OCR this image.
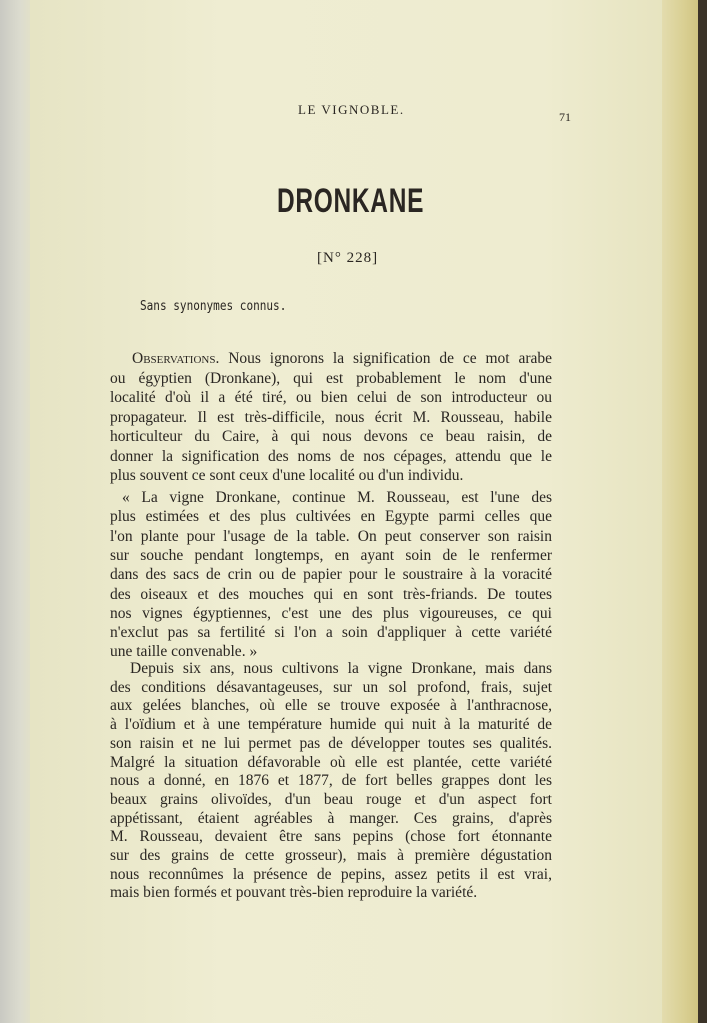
LE VIGNOBLE.	71
DRONKANE
[N° 228]
Sans synonymes connus.
Observations. Nous ignorons la signification de ce mot arabe
ou égyptien (Dronkane), qui est probablement le nom d'une
localité d'où il a été tiré, ou bien celui de son introducteur ou
propagateur. Il est très-difficile, nous écrit M. Rousseau, habile
horticulteur du Caire, à qui nous devons ce beau raisin, de
donner la signification des noms de nos cépages, attendu que le
plus souvent ce sont ceux d'une localité ou d'un individu.
« La vigne Dronkane, continue M. Rousseau, est l'une des
plus estimées et des plus cultivées en Egypte parmi celles que
l'on plante pour l'usage de la table. On peut conserver son raisin
sur souche pendant longtemps, en ayant soin de le renfermer
dans des sacs de crin ou de papier pour le soustraire à la voracité
des oiseaux et des mouches qui en sont très-friands. De toutes
nos vignes égyptiennes, c'est une des plus vigoureuses, ce qui
n'exclut pas sa fertilité si l'on a soin d'appliquer à cette variété
une taille convenable. »
Depuis six ans, nous cultivons la vigne Dronkane, mais dans
des conditions désavantageuses, sur un sol profond, frais, sujet
aux gelées blanches, où elle se trouve exposée à l'anthracnose,
à l'oïdium et à une température humide qui nuit à la maturité de
son raisin et ne lui permet pas de développer toutes ses qualités.
Malgré la situation défavorable où elle est plantée, cette variété
nous a donné, en 1876 et 1877, de fort belles grappes dont les
beaux grains olivoïdes, d'un beau rouge et d'un aspect fort
appétissant, étaient agréables à manger. Ces grains, d'après
M. Rousseau, devaient être sans pepins (chose fort étonnante
sur des grains de cette grosseur), mais à première dégustation
nous reconnûmes la présence de pepins, assez petits il est vrai,
mais bien formés et pouvant très-bien reproduire la variété.
